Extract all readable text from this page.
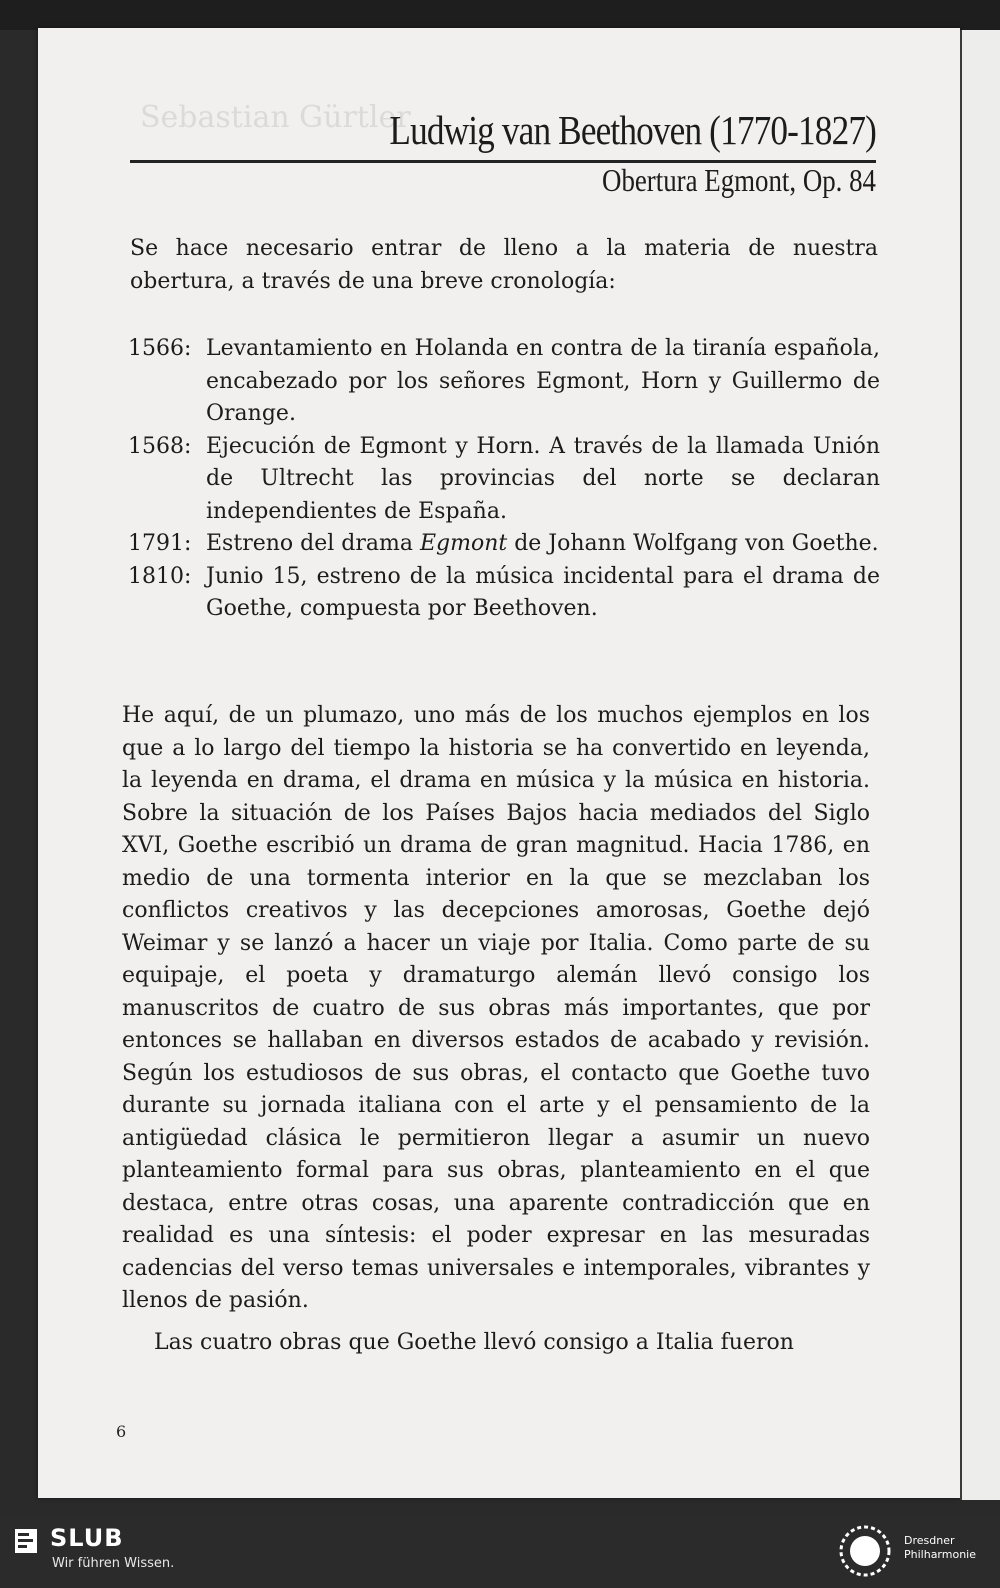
Sebastian Gürtler
Ludwig van Beethoven (1770-1827)
Obertura Egmont, Op. 84
Se hace necesario entrar de lleno a la materia de nuestra obertura, a través de una breve cronología:
1566: Levantamiento en Holanda en contra de la tiranía española, encabezado por los señores Egmont, Horn y Guillermo de Orange.
1568: Ejecución de Egmont y Horn. A través de la llamada Unión de Ultrecht las provincias del norte se declaran independientes de España.
1791: Estreno del drama Egmont de Johann Wolfgang von Goethe.
1810: Junio 15, estreno de la música incidental para el drama de Goethe, compuesta por Beethoven.
He aquí, de un plumazo, uno más de los muchos ejemplos en los que a lo largo del tiempo la historia se ha convertido en leyenda, la leyenda en drama, el drama en música y la música en historia. Sobre la situación de los Países Bajos hacia mediados del Siglo XVI, Goethe escribió un drama de gran magnitud. Hacia 1786, en medio de una tormenta interior en la que se mezclaban los conflictos creativos y las decepciones amorosas, Goethe dejó Weimar y se lanzó a hacer un viaje por Italia. Como parte de su equipaje, el poeta y dramaturgo alemán llevó consigo los manuscritos de cuatro de sus obras más importantes, que por entonces se hallaban en diversos estados de acabado y revisión. Según los estudiosos de sus obras, el contacto que Goethe tuvo durante su jornada italiana con el arte y el pensamiento de la antigüedad clásica le permitieron llegar a asumir un nuevo planteamiento formal para sus obras, planteamiento en el que destaca, entre otras cosas, una aparente contradicción que en realidad es una síntesis: el poder expresar en las mesuradas cadencias del verso temas universales e intemporales, vibrantes y llenos de pasión.
Las cuatro obras que Goethe llevó consigo a Italia fueron
6
SLUB
Wir führen Wissen.
Dresdner
Philharmonie
